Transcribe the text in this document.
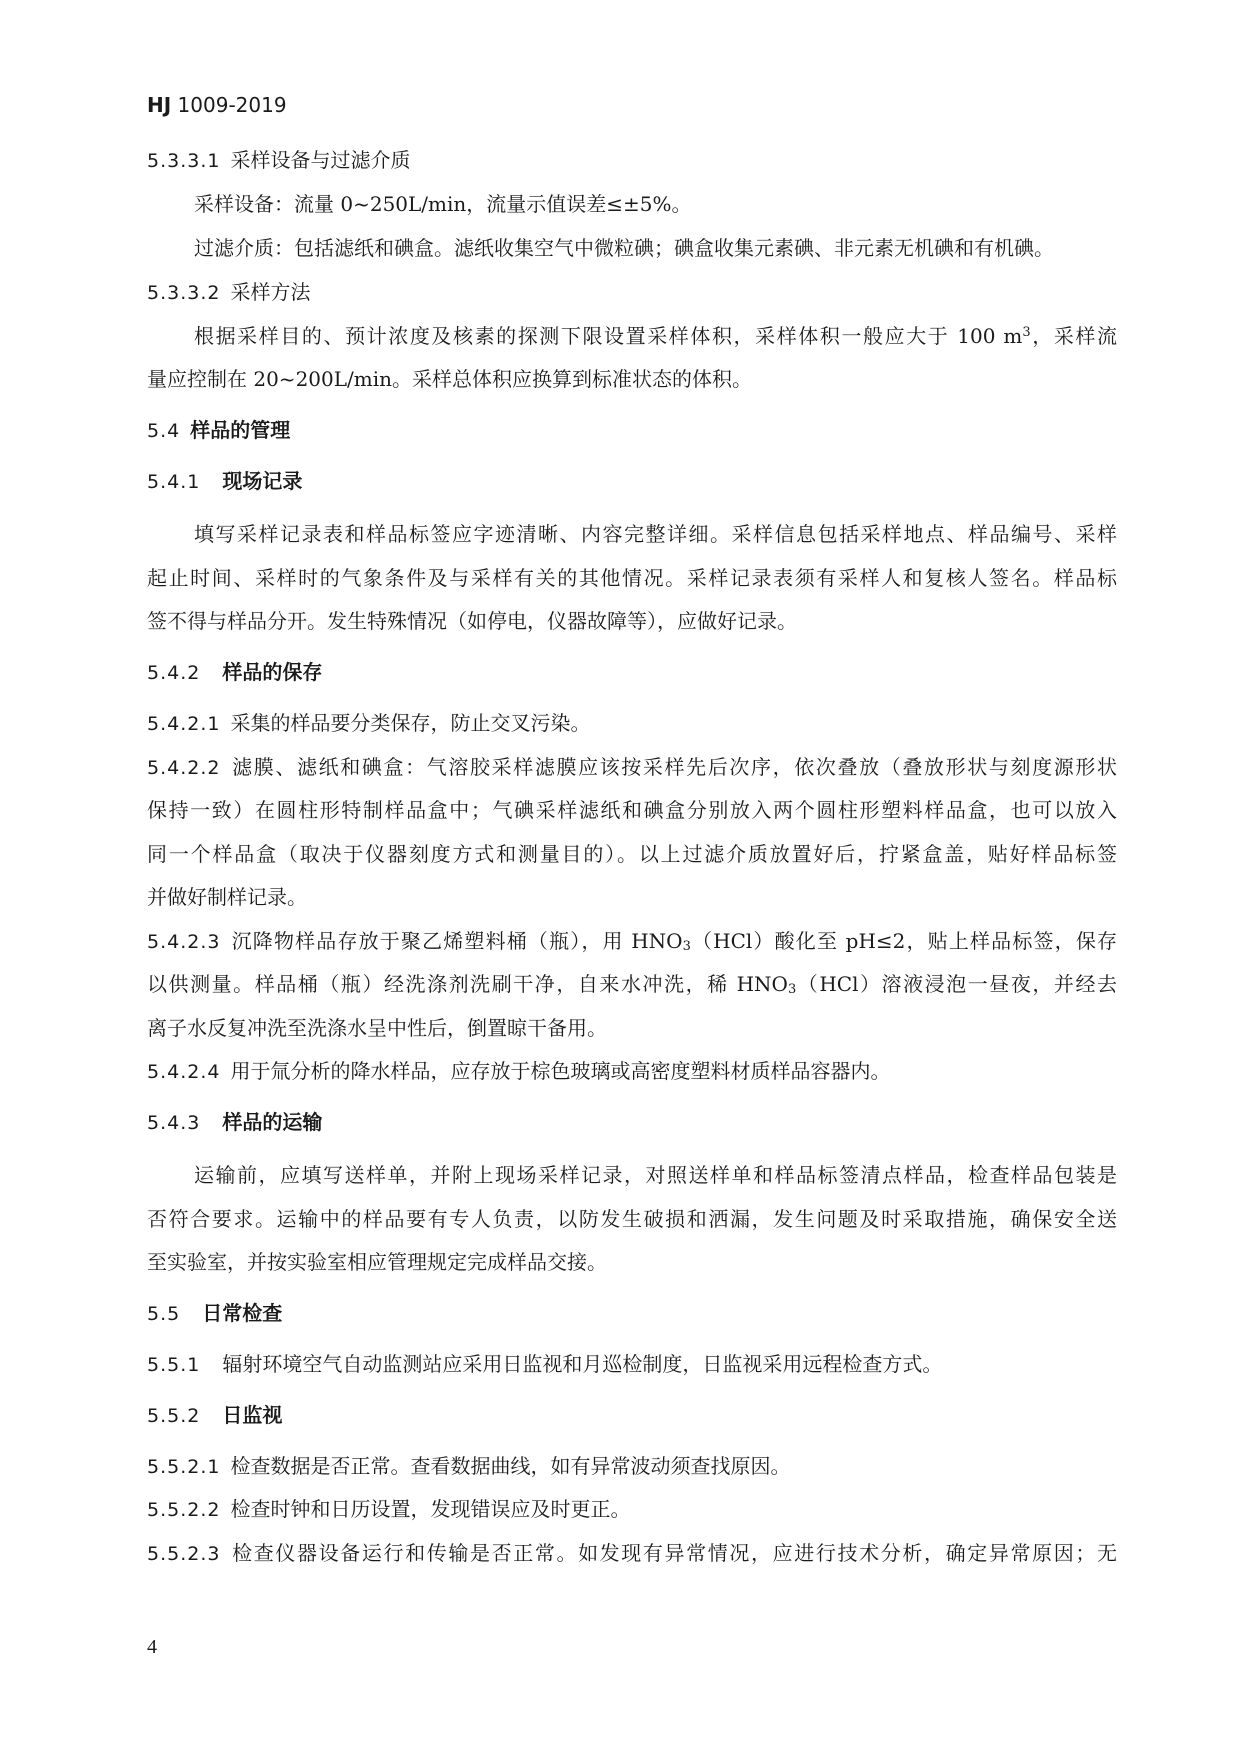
HJ 1009-2019
5.3.3.1 采样设备与过滤介质
采样设备：流量 0~250L/min，流量示值误差≤±5%。
过滤介质：包括滤纸和碘盒。滤纸收集空气中微粒碘；碘盒收集元素碘、非元素无机碘和有机碘。
5.3.3.2 采样方法
根据采样目的、预计浓度及核素的探测下限设置采样体积，采样体积一般应大于 100 $m^3$，采样流
量应控制在 20~200L/min。采样总体积应换算到标准状态的体积。
5.4 样品的管理
5.4.1 现场记录
填写采样记录表和样品标签应字迹清晰、内容完整详细。采样信息包括采样地点、样品编号、采样
起止时间、采样时的气象条件及与采样有关的其他情况。采样记录表须有采样人和复核人签名。样品标
签不得与样品分开。发生特殊情况（如停电，仪器故障等），应做好记录。
5.4.2 样品的保存
5.4.2.1 采集的样品要分类保存，防止交叉污染。
5.4.2.2 滤膜、滤纸和碘盒：气溶胶采样滤膜应该按采样先后次序，依次叠放（叠放形状与刻度源形状
保持一致）在圆柱形特制样品盒中；气碘采样滤纸和碘盒分别放入两个圆柱形塑料样品盒，也可以放入
同一个样品盒（取决于仪器刻度方式和测量目的）。以上过滤介质放置好后，拧紧盒盖，贴好样品标签
并做好制样记录。
5.4.2.3 沉降物样品存放于聚乙烯塑料桶（瓶），用 $HNO_3(HCl)$酸化至 pH≤2，贴上样品标签，保存
以供测量。样品桶（瓶）经洗涤剂洗刷干净，自来水冲洗，稀 $HNO_3(HCl)$溶液浸泡一昼夜，并经去
离子水反复冲洗至洗涤水呈中性后，倒置晾干备用。
5.4.2.4 用于氚分析的降水样品，应存放于棕色玻璃或高密度塑料材质样品容器内。
5.4.3 样品的运输
运输前，应填写送样单，并附上现场采样记录，对照送样单和样品标签清点样品，检查样品包装是
否符合要求。运输中的样品要有专人负责，以防发生破损和洒漏，发生问题及时采取措施，确保安全送
至实验室，并按实验室相应管理规定完成样品交接。
5.5 日常检查
5.5.1 辐射环境空气自动监测站应采用日监视和月巡检制度，日监视采用远程检查方式。
5.5.2 日监视
5.5.2.1 检查数据是否正常。查看数据曲线，如有异常波动须查找原因。
5.5.2.2 检查时钟和日历设置，发现错误应及时更正。
5.5.2.3 检查仪器设备运行和传输是否正常。如发现有异常情况，应进行技术分析，确定异常原因；无
4
